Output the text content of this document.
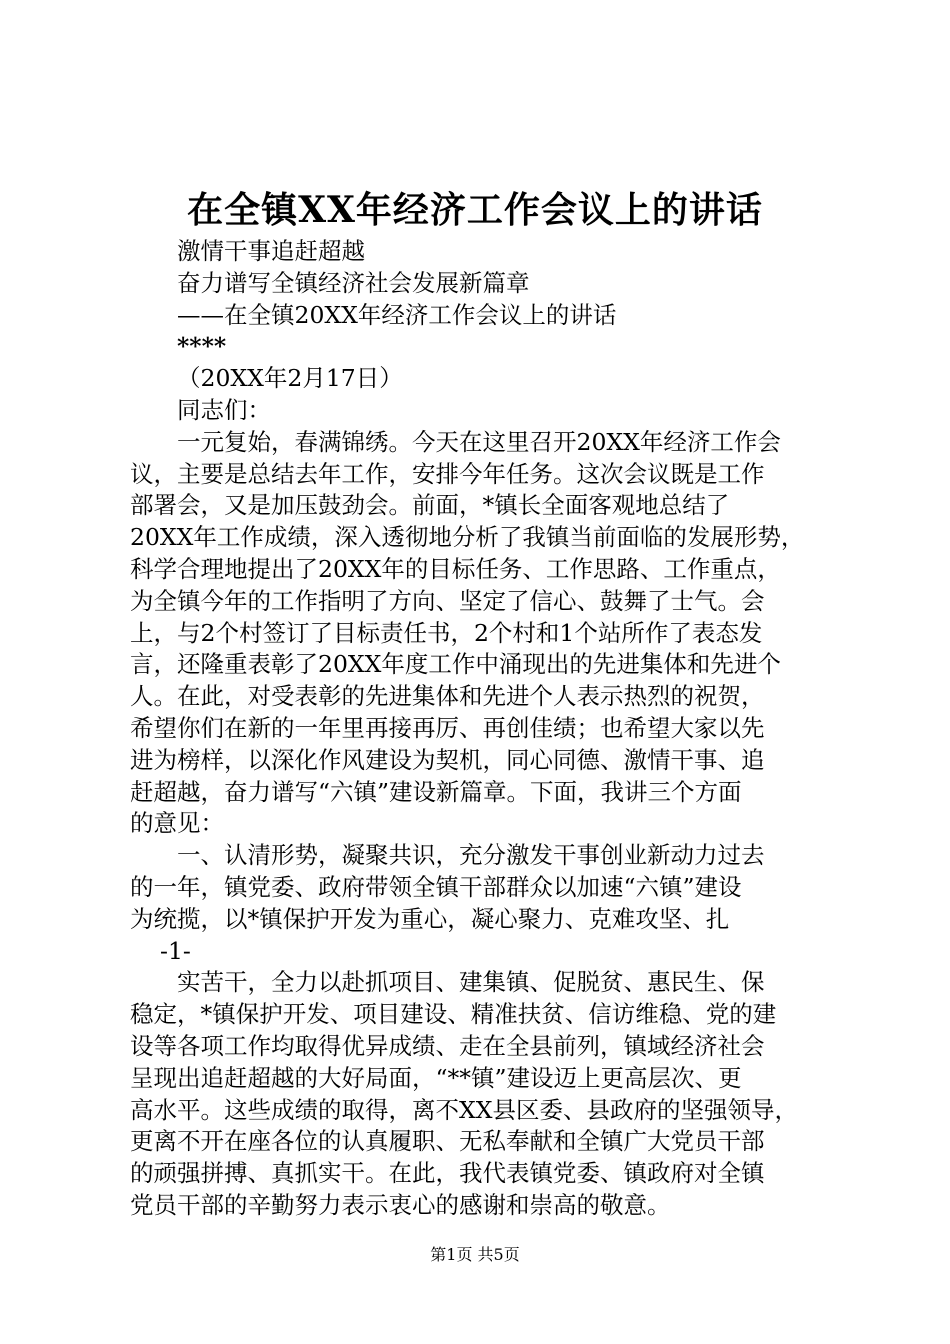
在全镇XX年经济工作会议上的讲话
激情干事追赶超越
奋力谱写全镇经济社会发展新篇章
——在全镇20XX年经济工作会议上的讲话
****
（20XX年2月17日）
同志们：
一元复始，春满锦绣。今天在这里召开20XX年经济工作会
议，主要是总结去年工作，安排今年任务。这次会议既是工作
部署会，又是加压鼓劲会。前面，*镇长全面客观地总结了
20XX年工作成绩，深入透彻地分析了我镇当前面临的发展形势，
科学合理地提出了20XX年的目标任务、工作思路、工作重点，
为全镇今年的工作指明了方向、坚定了信心、鼓舞了士气。会
上，与2个村签订了目标责任书，2个村和1个站所作了表态发
言，还隆重表彰了20XX年度工作中涌现出的先进集体和先进个
人。在此，对受表彰的先进集体和先进个人表示热烈的祝贺，
希望你们在新的一年里再接再厉、再创佳绩；也希望大家以先
进为榜样，以深化作风建设为契机，同心同德、激情干事、追
赶超越，奋力谱写“六镇”建设新篇章。下面，我讲三个方面
的意见：
一、认清形势，凝聚共识，充分激发干事创业新动力过去
的一年，镇党委、政府带领全镇干部群众以加速“六镇”建设
为统揽，以*镇保护开发为重心，凝心聚力、克难攻坚、扎
-1-
实苦干，全力以赴抓项目、建集镇、促脱贫、惠民生、保
稳定，*镇保护开发、项目建设、精准扶贫、信访维稳、党的建
设等各项工作均取得优异成绩、走在全县前列，镇域经济社会
呈现出追赶超越的大好局面，“**镇”建设迈上更高层次、更
高水平。这些成绩的取得，离不XX县区委、县政府的坚强领导，
更离不开在座各位的认真履职、无私奉献和全镇广大党员干部
的顽强拼搏、真抓实干。在此，我代表镇党委、镇政府对全镇
党员干部的辛勤努力表示衷心的感谢和崇高的敬意。
第1页 共5页
